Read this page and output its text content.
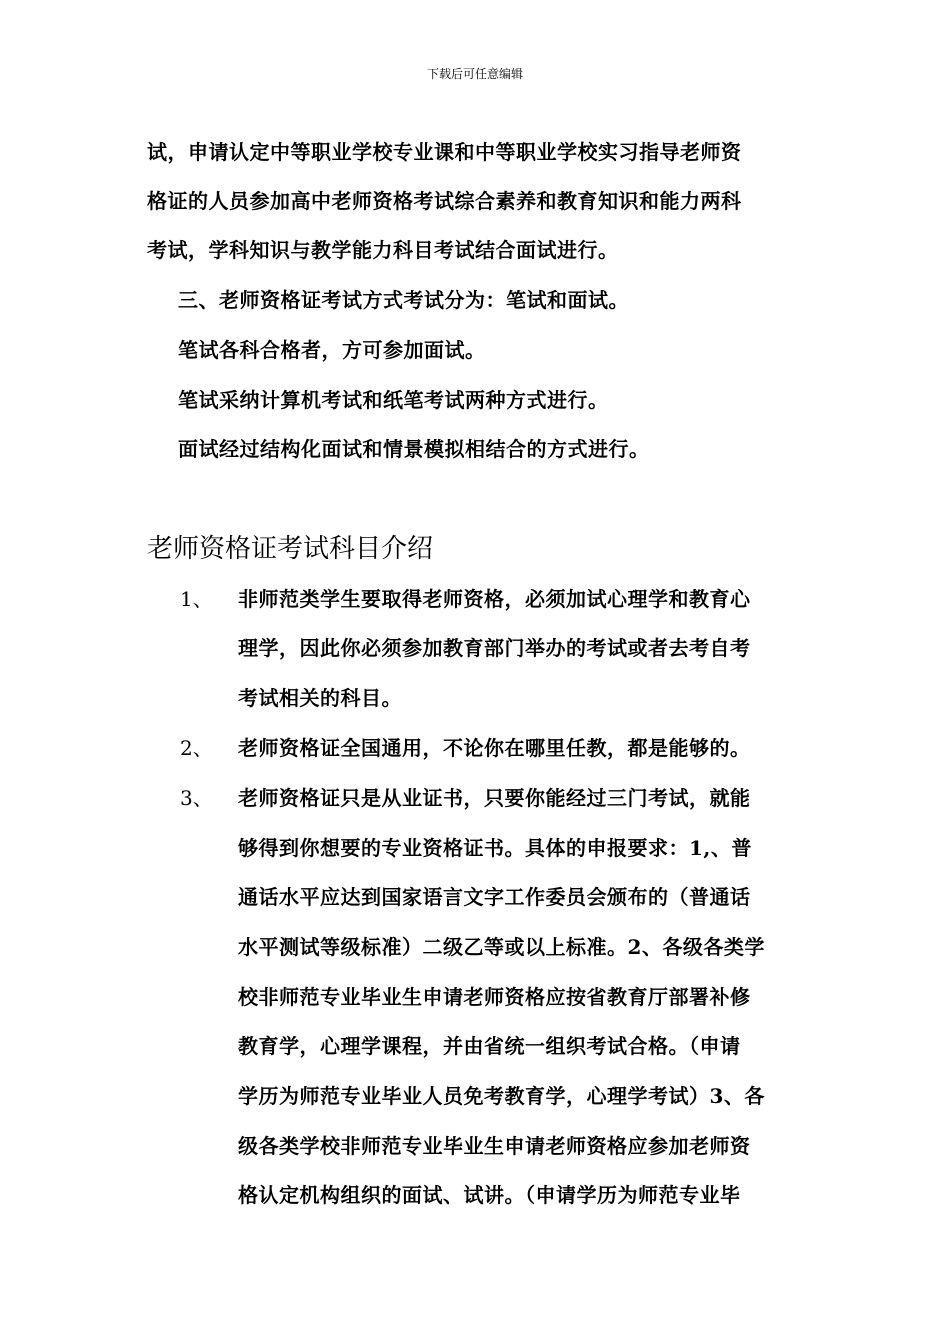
下载后可任意编辑
试，申请认定中等职业学校专业课和中等职业学校实习指导老师资
格证的人员参加高中老师资格考试综合素养和教育知识和能力两科
考试，学科知识与教学能力科目考试结合面试进行。
三、老师资格证考试方式考试分为：笔试和面试。
笔试各科合格者，方可参加面试。
笔试采纳计算机考试和纸笔考试两种方式进行。
面试经过结构化面试和情景模拟相结合的方式进行。
老师资格证考试科目介绍
1、 非师范类学生要取得老师资格，必须加试心理学和教育心
理学，因此你必须参加教育部门举办的考试或者去考自考
考试相关的科目。
2、 老师资格证全国通用，不论你在哪里任教，都是能够的。
3、 老师资格证只是从业证书，只要你能经过三门考试，就能
够得到你想要的专业资格证书。具体的申报要求：1,、普
通话水平应达到国家语言文字工作委员会颁布的（普通话
水平测试等级标准）二级乙等或以上标准。2、各级各类学
校非师范专业毕业生申请老师资格应按省教育厅部署补修
教育学，心理学课程，并由省统一组织考试合格。（申请
学历为师范专业毕业人员免考教育学，心理学考试）3、各
级各类学校非师范专业毕业生申请老师资格应参加老师资
格认定机构组织的面试、试讲。（申请学历为师范专业毕
